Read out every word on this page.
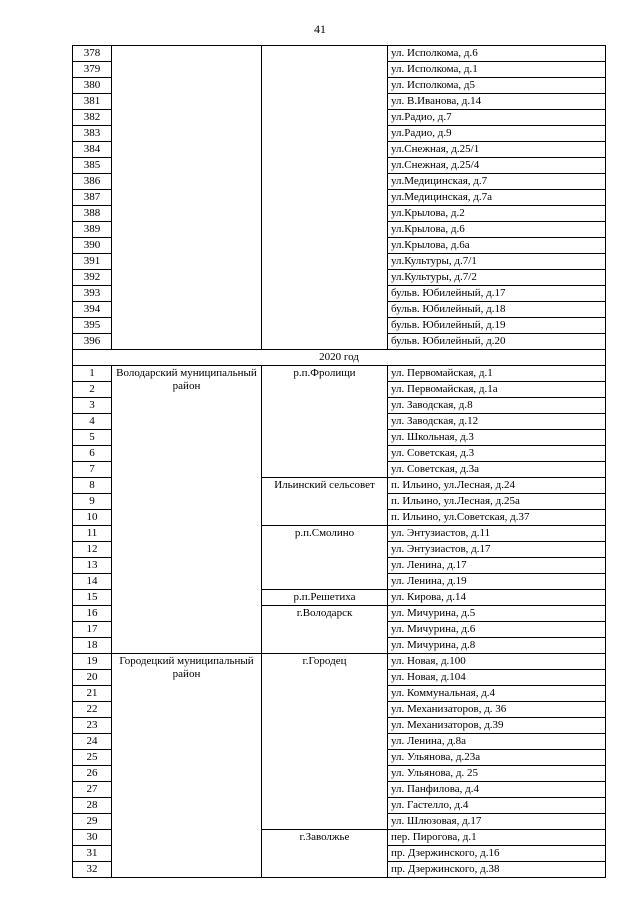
41
378			ул. Исполкома, д.6
379			ул. Исполкома, д.1
380			ул. Исполкома, д5
381			ул. В.Иванова, д.14
382			ул.Радио, д.7
383			ул.Радио, д.9
384			ул.Снежная, д.25/1
385			ул.Снежная, д.25/4
386			ул.Медицинская, д.7
387			ул.Медицинская, д.7а
388			ул.Крылова, д.2
389			ул.Крылова, д.6
390			ул.Крылова, д.6а
391			ул.Культуры, д.7/1
392			ул.Культуры, д.7/2
393			бульв. Юбилейный, д.17
394			бульв. Юбилейный, д.18
395			бульв. Юбилейный, д.19
396			бульв. Юбилейный, д.20
2020 год			
1	Володарский муниципальный район	р.п.Фролищи	ул. Первомайская, д.1
2			ул. Первомайская, д.1а
3			ул. Заводская, д.8
4			ул. Заводская, д.12
5			ул. Школьная, д.3
6			ул. Советская, д.3
7			ул. Советская, д.3а
8		Ильинский сельсовет	п. Ильино, ул.Лесная, д.24
9			п. Ильино, ул.Лесная, д.25а
10			п. Ильино, ул.Советская, д.37
11		р.п.Смолино	ул. Энтузиастов, д.11
12			ул. Энтузиастов, д.17
13			ул. Ленина, д.17
14			ул. Ленина, д.19
15		р.п.Решетиха	ул. Кирова, д.14
16		г.Володарск	ул. Мичурина, д.5
17			ул. Мичурина, д.6
18			ул. Мичурина, д.8
19	Городецкий муниципальный район	г.Городец	ул. Новая, д.100
20			ул. Новая, д.104
21			ул. Коммунальная, д.4
22			ул. Механизаторов, д. 36
23			ул. Механизаторов, д.39
24			ул. Ленина, д.8а
25			ул. Ульянова, д.23а
26			ул. Ульянова, д. 25
27			ул. Панфилова, д.4
28			ул. Гастелло, д.4
29			ул. Шлюзовая, д.17
30		г.Заволжье	пер. Пирогова, д.1
31			пр. Дзержинского, д.16
32			пр. Дзержинского, д.38
